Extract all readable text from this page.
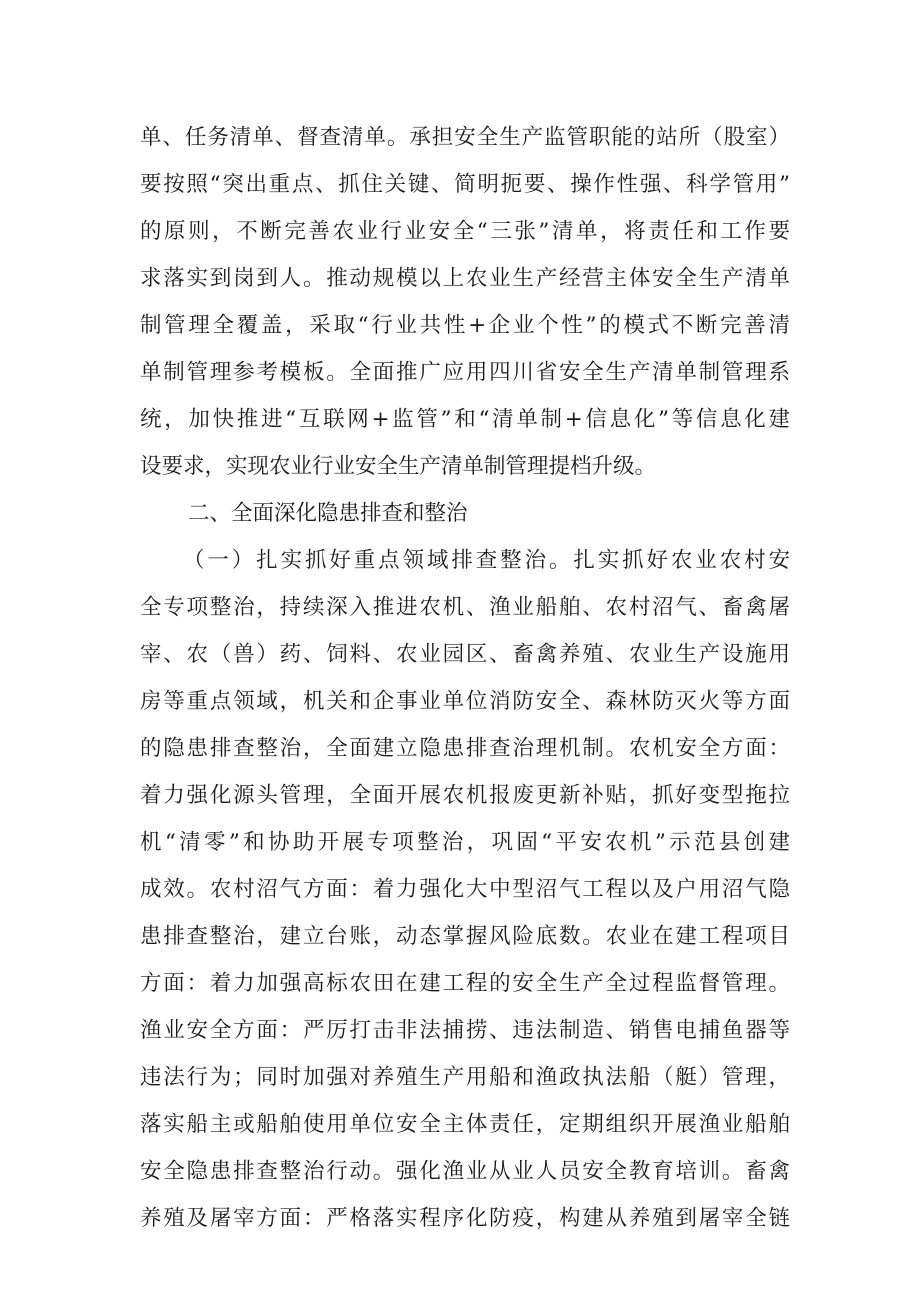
单、任务清单、督查清单。承担安全生产监管职能的站所（股室）
要按照“突出重点、抓住关键、简明扼要、操作性强、科学管用”
的原则，不断完善农业行业安全“三张”清单，将责任和工作要
求落实到岗到人。推动规模以上农业生产经营主体安全生产清单
制管理全覆盖，采取“行业共性+企业个性”的模式不断完善清
单制管理参考模板。全面推广应用四川省安全生产清单制管理系
统，加快推进“互联网+监管”和“清单制+信息化”等信息化建
设要求，实现农业行业安全生产清单制管理提档升级。
二、全面深化隐患排查和整治
（一）扎实抓好重点领域排查整治。扎实抓好农业农村安
全专项整治，持续深入推进农机、渔业船舶、农村沼气、畜禽屠
宰、农（兽）药、饲料、农业园区、畜禽养殖、农业生产设施用
房等重点领域，机关和企事业单位消防安全、森林防灭火等方面
的隐患排查整治，全面建立隐患排查治理机制。农机安全方面：
着力强化源头管理，全面开展农机报废更新补贴，抓好变型拖拉
机“清零”和协助开展专项整治，巩固“平安农机”示范县创建
成效。农村沼气方面：着力强化大中型沼气工程以及户用沼气隐
患排查整治，建立台账，动态掌握风险底数。农业在建工程项目
方面：着力加强高标农田在建工程的安全生产全过程监督管理。
渔业安全方面：严厉打击非法捕捞、违法制造、销售电捕鱼器等
违法行为；同时加强对养殖生产用船和渔政执法船（艇）管理，
落实船主或船舶使用单位安全主体责任，定期组织开展渔业船舶
安全隐患排查整治行动。强化渔业从业人员安全教育培训。畜禽
养殖及屠宰方面：严格落实程序化防疫，构建从养殖到屠宰全链
